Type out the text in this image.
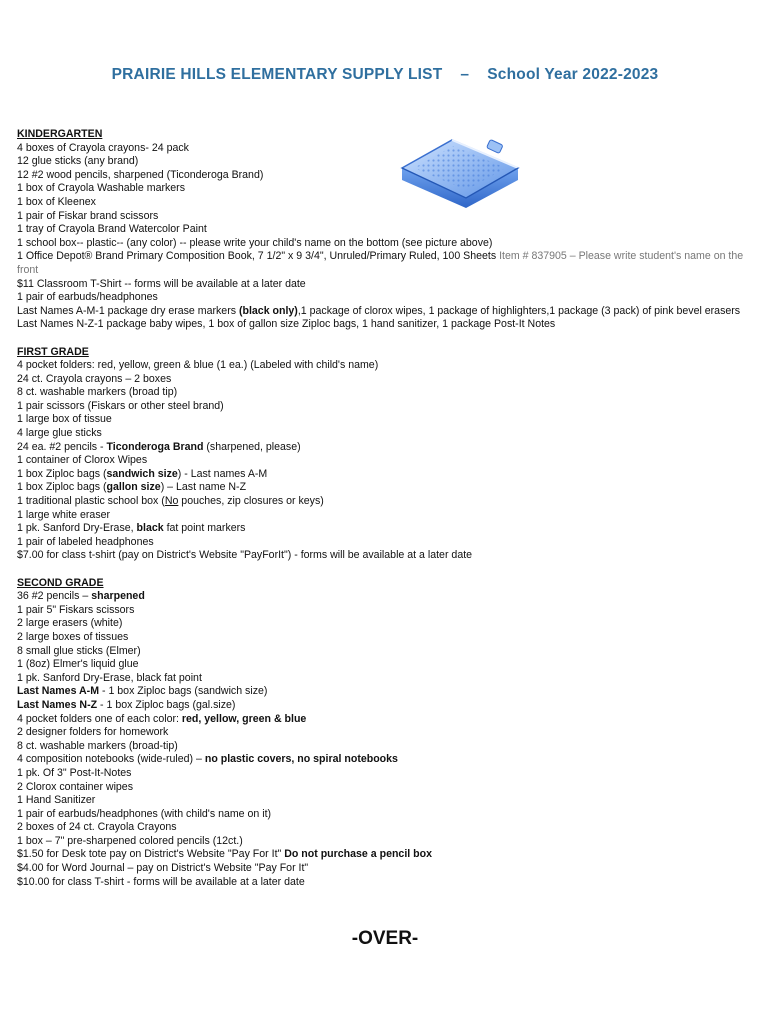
PRAIRIE HILLS ELEMENTARY SUPPLY LIST – School Year 2022-2023
KINDERGARTEN
4 boxes of Crayola crayons- 24 pack
12 glue sticks (any brand)
12 #2 wood pencils, sharpened (Ticonderoga Brand)
1 box of Crayola Washable markers
1 box of Kleenex
1 pair of Fiskar brand scissors
1 tray of Crayola Brand Watercolor Paint
1 school box-- plastic-- (any color) -- please write your child's name on the bottom (see picture above)
1 Office Depot® Brand Primary Composition Book, 7 1/2" x 9 3/4", Unruled/Primary Ruled, 100 Sheets Item # 837905 – Please write student's name on the front
$11 Classroom T-Shirt -- forms will be available at a later date
1 pair of earbuds/headphones
Last Names A-M-1 package dry erase markers (black only),1 package of clorox wipes, 1 package of highlighters,1 package (3 pack) of pink bevel erasers
Last Names N-Z-1 package baby wipes, 1 box of gallon size Ziploc bags, 1 hand sanitizer, 1 package Post-It Notes
FIRST GRADE
4 pocket folders: red, yellow, green & blue (1 ea.) (Labeled with child's name)
24 ct. Crayola crayons – 2 boxes
8 ct. washable markers (broad tip)
1 pair scissors (Fiskars or other steel brand)
1 large box of tissue
4 large glue sticks
24 ea. #2 pencils - Ticonderoga Brand (sharpened, please)
1 container of Clorox Wipes
1 box Ziploc bags (sandwich size) - Last names A-M
1 box Ziploc bags (gallon size) – Last name N-Z
1 traditional plastic school box (No pouches, zip closures or keys)
1 large white eraser
1 pk. Sanford Dry-Erase, black fat point markers
1 pair of labeled headphones
$7.00 for class t-shirt (pay on District's Website "PayForIt") - forms will be available at a later date
SECOND GRADE
36 #2 pencils – sharpened
1 pair 5" Fiskars scissors
2 large erasers (white)
2 large boxes of tissues
8 small glue sticks (Elmer)
1 (8oz) Elmer's liquid glue
1 pk. Sanford Dry-Erase, black fat point
Last Names A-M - 1 box Ziploc bags (sandwich size)
Last Names N-Z - 1 box Ziploc bags (gal.size)
4 pocket folders one of each color: red, yellow, green & blue
2 designer folders for homework
8 ct. washable markers (broad-tip)
4 composition notebooks (wide-ruled) – no plastic covers, no spiral notebooks
1 pk. Of 3" Post-It-Notes
2 Clorox container wipes
1 Hand Sanitizer
1 pair of earbuds/headphones (with child's name on it)
2 boxes of 24 ct. Crayola Crayons
1 box – 7" pre-sharpened colored pencils (12ct.)
$1.50 for Desk tote pay on District's Website "Pay For It" Do not purchase a pencil box
$4.00 for Word Journal – pay on District's Website "Pay For It"
$10.00 for class T-shirt - forms will be available at a later date
-OVER-
